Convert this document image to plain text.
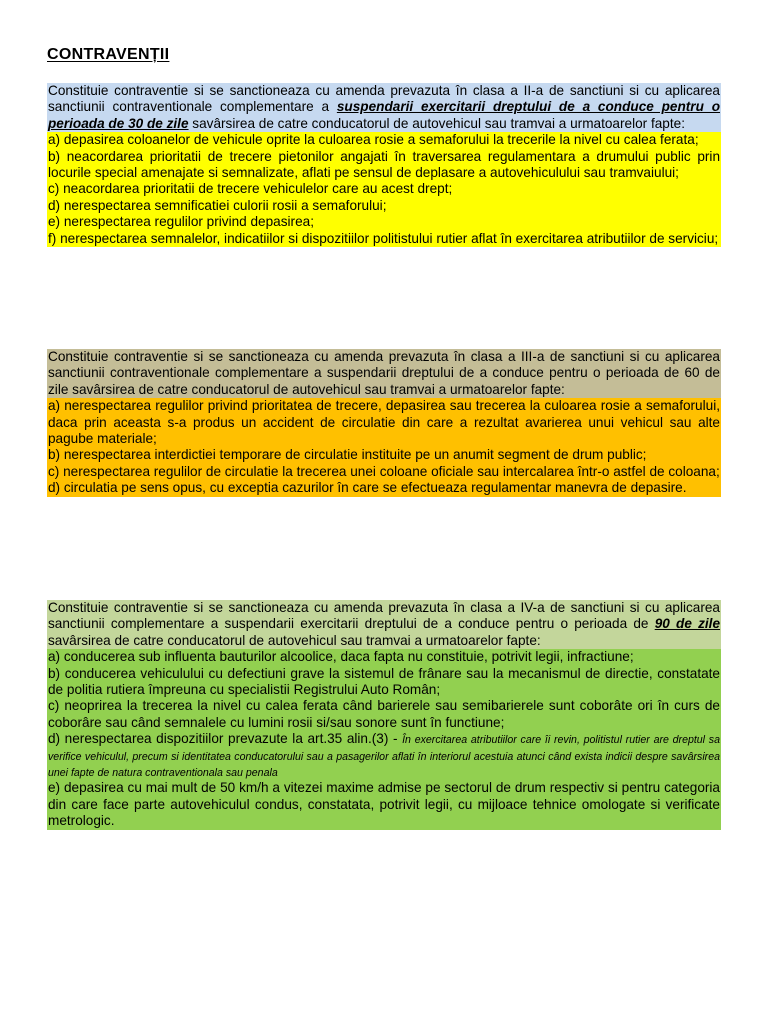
CONTRAVENȚII
Constituie contraventie si se sanctioneaza cu amenda prevazuta în clasa a II-a de sanctiuni si cu aplicarea sanctiunii contraventionale complementare a suspendarii exercitarii dreptului de a conduce pentru o perioada de 30 de zile savârsirea de catre conducatorul de autovehicul sau tramvai a urmatoarelor fapte:

a) depasirea coloanelor de vehicule oprite la culoarea rosie a semaforului la trecerile la nivel cu calea ferata;

b) neacordarea prioritatii de trecere pietonilor angajati în traversarea regulamentara a drumului public prin locurile special amenajate si semnalizate, aflati pe sensul de deplasare a autovehiculului sau tramvaiului;

c) neacordarea prioritatii de trecere vehiculelor care au acest drept;

d) nerespectarea semnificatiei culorii rosii a semaforului;

e) nerespectarea regulilor privind depasirea;

f) nerespectarea semnalelor, indicatiilor si dispozitiilor politistului rutier aflat în exercitarea atributiilor de serviciu;

Constituie contraventie si se sanctioneaza cu amenda prevazuta în clasa a III-a de sanctiuni si cu aplicarea sanctiunii contraventionale complementare a suspendarii dreptului de a conduce pentru o perioada de 60 de zile savârsirea de catre conducatorul de autovehicul sau tramvai a urmatoarelor fapte:

a) nerespectarea regulilor privind prioritatea de trecere, depasirea sau trecerea la culoarea rosie a semaforului, daca prin aceasta s-a produs un accident de circulatie din care a rezultat avarierea unui vehicul sau alte pagube materiale;

b) nerespectarea interdictiei temporare de circulatie instituite pe un anumit segment de drum public;

c) nerespectarea regulilor de circulatie la trecerea unei coloane oficiale sau intercalarea într-o astfel de coloana;

d) circulatia pe sens opus, cu exceptia cazurilor în care se efectueaza regulamentar manevra de depasire.

Constituie contraventie si se sanctioneaza cu amenda prevazuta în clasa a IV-a de sanctiuni si cu aplicarea sanctiunii complementare a suspendarii exercitarii dreptului de a conduce pentru o perioada de 90 de zile savârsirea de catre conducatorul de autovehicul sau tramvai a urmatoarelor fapte:

a) conducerea sub influenta bauturilor alcoolice, daca fapta nu constituie, potrivit legii, infractiune;

b) conducerea vehiculului cu defectiuni grave la sistemul de frânare sau la mecanismul de directie, constatate de politia rutiera împreuna cu specialistii Registrului Auto Român;

c) neoprirea la trecerea la nivel cu calea ferata când barierele sau semibarierele sunt coborâte ori în curs de coborâre sau când semnalele cu lumini rosii si/sau sonore sunt în functiune;

d) nerespectarea dispozitiilor prevazute la art.35 alin.(3) - În exercitarea atributiilor care îi revin, politistul rutier are dreptul sa verifice vehiculul, precum si identitatea conducatorului sau a pasagerilor aflati în interiorul acestuia atunci când exista indicii despre savârsirea unei fapte de natura contraventionala sau penala

e) depasirea cu mai mult de 50 km/h a vitezei maxime admise pe sectorul de drum respectiv si pentru categoria din care face parte autovehiculul condus, constatata, potrivit legii, cu mijloace tehnice omologate si verificate metrologic.
